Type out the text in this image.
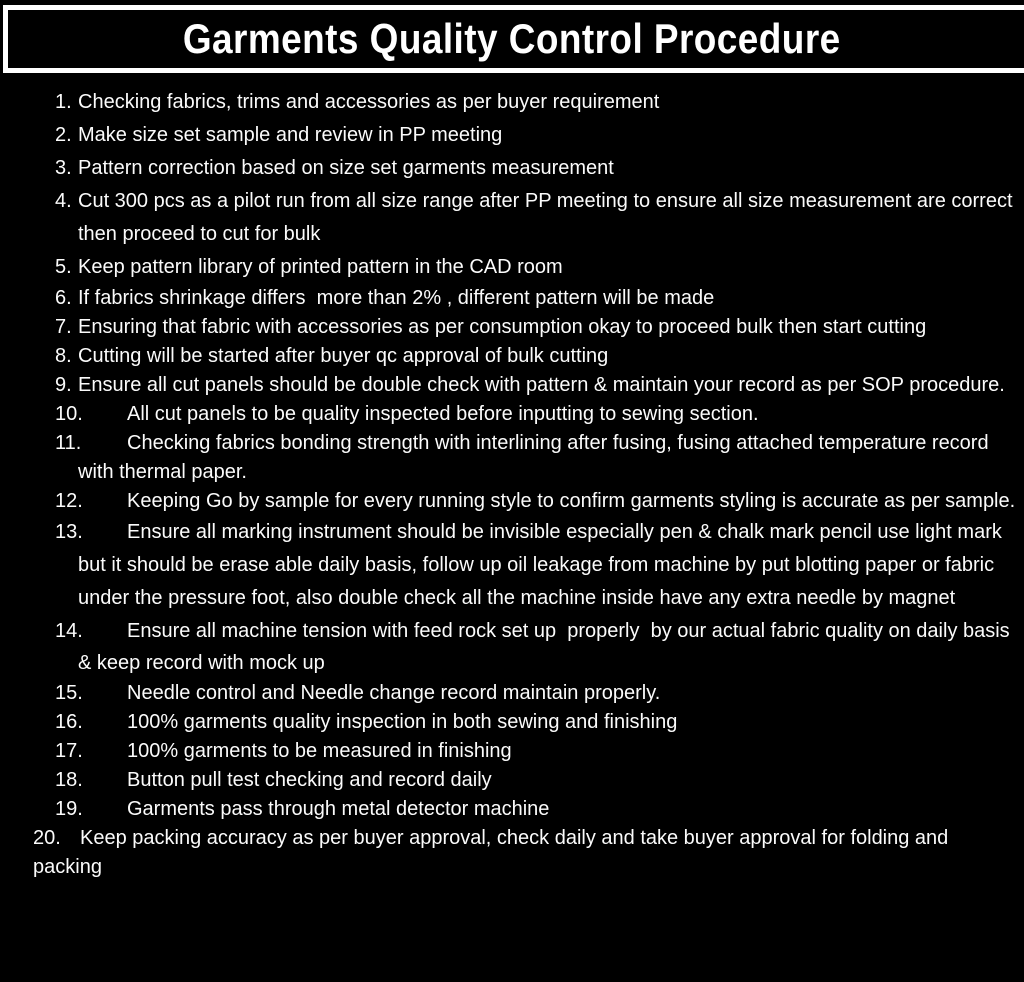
Garments Quality Control Procedure
1. Checking fabrics, trims and accessories as per buyer requirement
2. Make size set sample and review in PP meeting
3. Pattern correction based on size set garments measurement
4. Cut 300 pcs as a pilot run from all size range after PP meeting to ensure all size measurement are correct then proceed to cut for bulk
5. Keep pattern library of printed pattern in the CAD room
6. If fabrics shrinkage differs  more than 2% , different pattern will be made
7. Ensuring that fabric with accessories as per consumption okay to proceed bulk then start cutting
8. Cutting will be started after buyer qc approval of bulk cutting
9. Ensure all cut panels should be double check with pattern & maintain your record as per SOP procedure.
10. All cut panels to be quality inspected before inputting to sewing section.
11. Checking fabrics bonding strength with interlining after fusing, fusing attached temperature record with thermal paper.
12. Keeping Go by sample for every running style to confirm garments styling is accurate as per sample.
13. Ensure all marking instrument should be invisible especially pen & chalk mark pencil use light mark but it should be erase able daily basis, follow up oil leakage from machine by put blotting paper or fabric under the pressure foot, also double check all the machine inside have any extra needle by magnet
14. Ensure all machine tension with feed rock set up  properly  by our actual fabric quality on daily basis & keep record with mock up
15. Needle control and Needle change record maintain properly.
16. 100% garments quality inspection in both sewing and finishing
17. 100% garments to be measured in finishing
18. Button pull test checking and record daily
19. Garments pass through metal detector machine
20. Keep packing accuracy as per buyer approval, check daily and take buyer approval for folding and packing
